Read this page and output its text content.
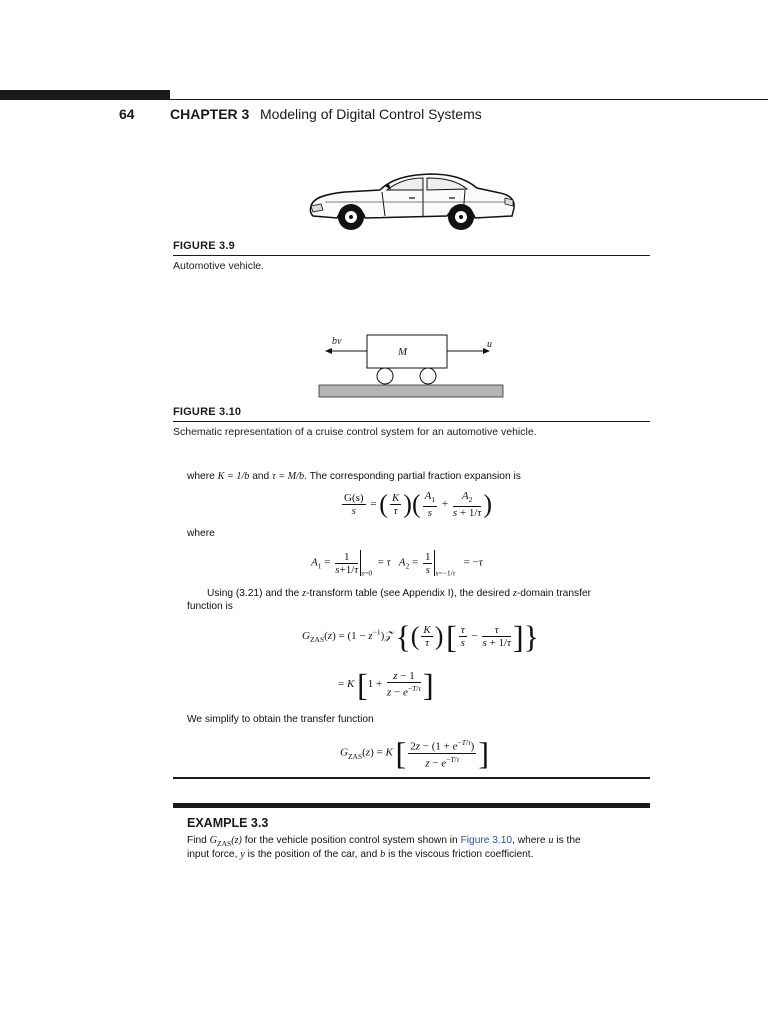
64	CHAPTER 3 Modeling of Digital Control Systems
FIGURE 3.9
Automotive vehicle.
M
bv	u
FIGURE 3.10
Schematic representation of a cruise control system for an automotive vehicle.
where K = 1/b and τ = M/b. The corresponding partial fraction expansion is
$\frac{G(s)}{s}$ = ( $\frac{K}{\tau}$ )( $\frac{A_1}{s} + \frac{A_2}{s + 1/\tau}$ )
where
$A_1 = \frac{1}{s+1/\tau} _{s=0} = \tau$ $A_2 = \frac{1}{s} _{s=-1/\tau} = -\tau$
Using (3.21) and the z-transform table (see Appendix I), the desired z-domain transfer
function is
$G_{ZAS}(z) = (1$ − $z^{-1})𝒵$ {( $\frac{K}{\tau}$ ) [ $\frac{\tau}{s} - \frac{\tau}{s + 1/\tau}$ ]}
= K [$1 + \frac{z - 1}{z - e^{-T/\tau}}$ ]
We simplify to obtain the transfer function
$G_{ZAS}(z) = K$ [ $\frac{2z - (1 + e^{-T/\tau})}{z - e^{-T/\tau}}$ ]
EXAMPLE 3.3
Find $G_{ZAS}(z)$ for the vehicle position control system shown in Figure 3.10, where u is the
input force, y is the position of the car, and b is the viscous friction coefficient.
